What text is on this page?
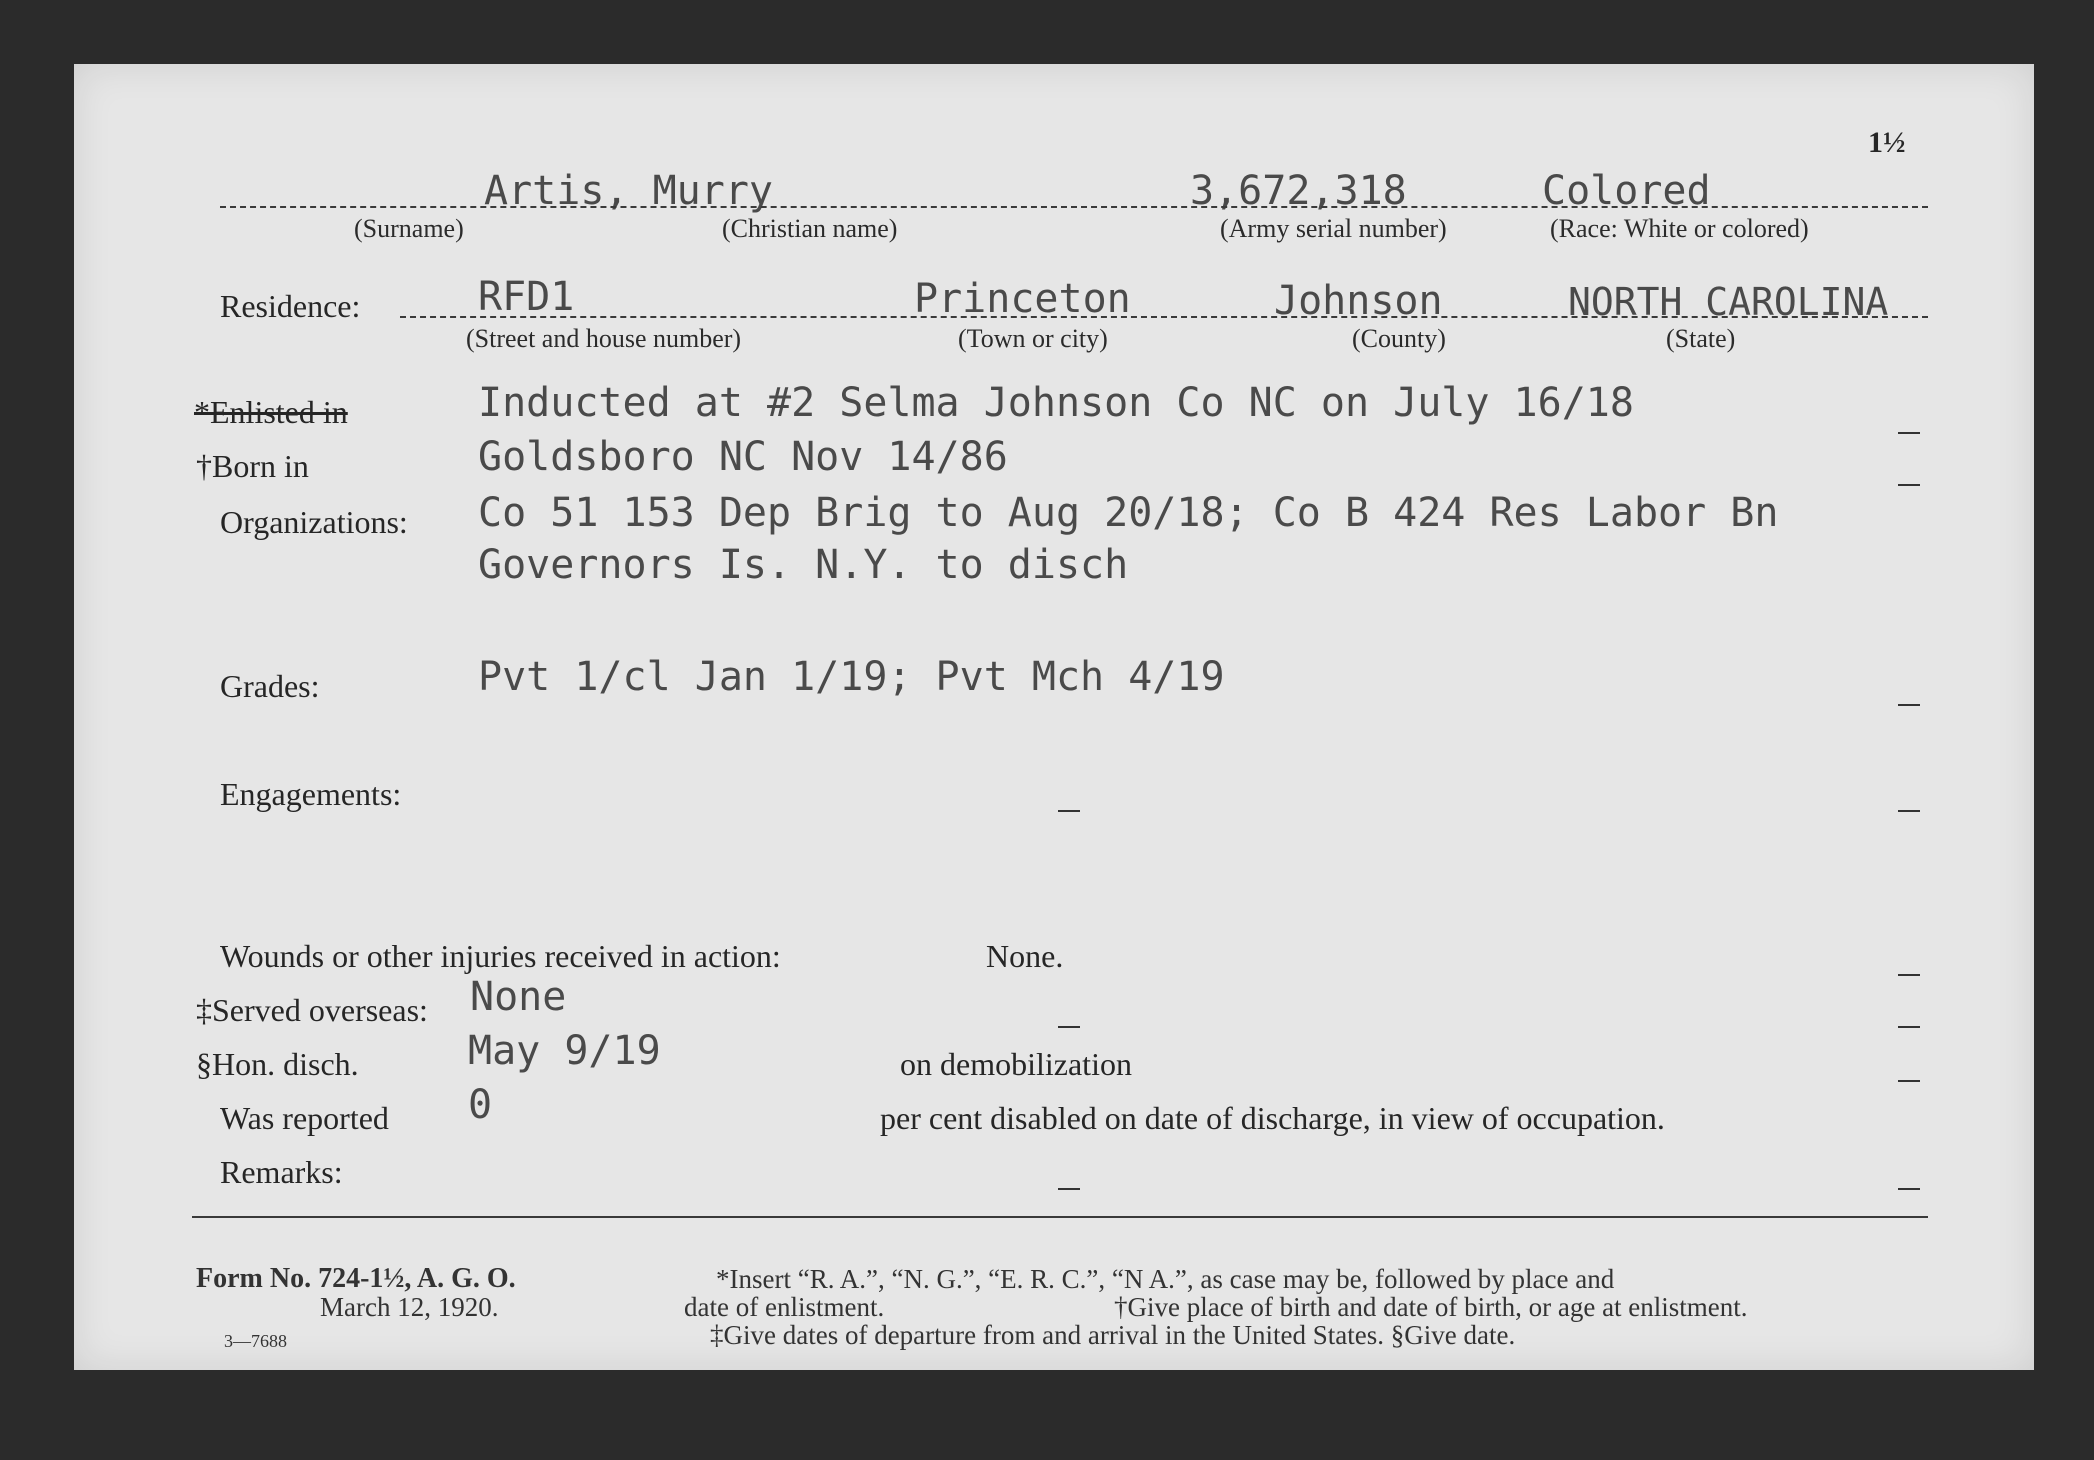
1½
Artis, Murry	3,672,318	Colored
(Surname)	(Christian name)	(Army serial number)	(Race: White or colored)
Residence:	RFD1	Princeton	Johnson	NORTH CAROLINA
(Street and house number)	(Town or city)	(County)	(State)
*Enlisted in	Inducted at #2 Selma Johnson Co NC on July 16/18
†Born in	Goldsboro NC Nov 14/86
Organizations: Co 51 153 Dep Brig to Aug 20/18; Co B 424 Res Labor Bn
Governors Is. N.Y. to disch
Grades:	Pvt 1/cl Jan 1/19; Pvt Mch 4/19
Engagements:
Wounds or other injuries received in action:	None.
‡Served overseas: None
§Hon. disch.	May 9/19	on demobilization
Was reported 0	per cent disabled on date of discharge, in view of occupation.
Remarks:
Form No. 724-1½, A. G. O.
March 12, 1920.
3—7688
*Insert “R. A.”, “N. G.”, “E. R. C.”, “N A.”, as case may be, followed by place and
date of enlistment.	†Give place of birth and date of birth, or age at enlistment.
‡Give dates of departure from and arrival in the United States. §Give date.
